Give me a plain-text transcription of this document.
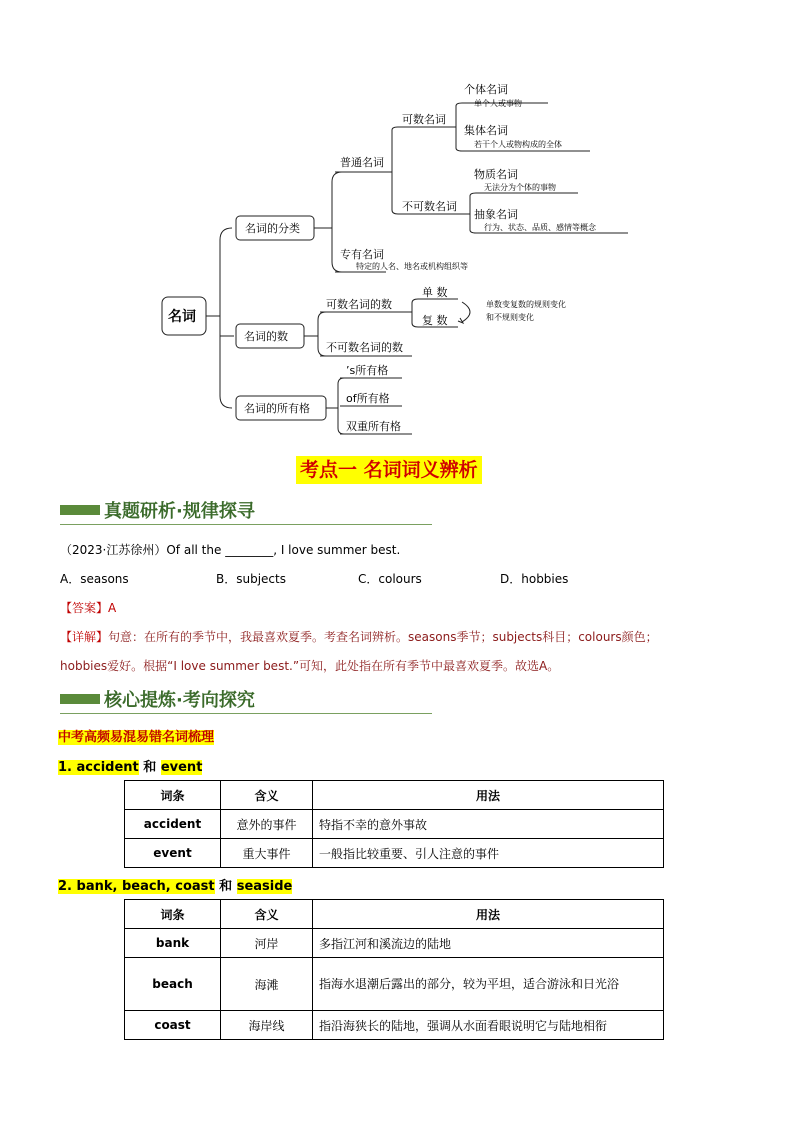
名词
名词的分类
普通名词
可数名词
个体名词
单个人或事物
集体名词
若干个人或物构成的全体
不可数名词
物质名词
无法分为个体的事物
抽象名词
行为、状态、品质、感情等概念
专有名词
特定的人名、地名或机构组织等
名词的数
可数名词的数
单 数
复 数
单数变复数的规则变化
和不规则变化
不可数名词的数
名词的所有格
’s所有格
of所有格
双重所有格
考点一 名词词义辨析
真题研析·规律探寻
（2023·江苏徐州）Of all the ________, I love summer best.
A．seasons	B．subjects	C．colours	D．hobbies
【答案】A
【详解】句意：在所有的季节中，我最喜欢夏季。考查名词辨析。seasons季节；subjects科目；colours颜色；
hobbies爱好。根据“I love summer best.”可知，此处指在所有季节中最喜欢夏季。故选A。
核心提炼·考向探究
中考高频易混易错名词梳理
1. accident 和 event
词条	含义	用法
accident	意外的事件	特指不幸的意外事故
event	重大事件	一般指比较重要、引人注意的事件
2. bank, beach, coast 和 seaside
词条	含义	用法
bank	河岸	多指江河和溪流边的陆地
beach	海滩	指海水退潮后露出的部分，较为平坦，适合游泳和日光浴
coast	海岸线	指沿海狭长的陆地，强调从水面看眼说明它与陆地相衔
